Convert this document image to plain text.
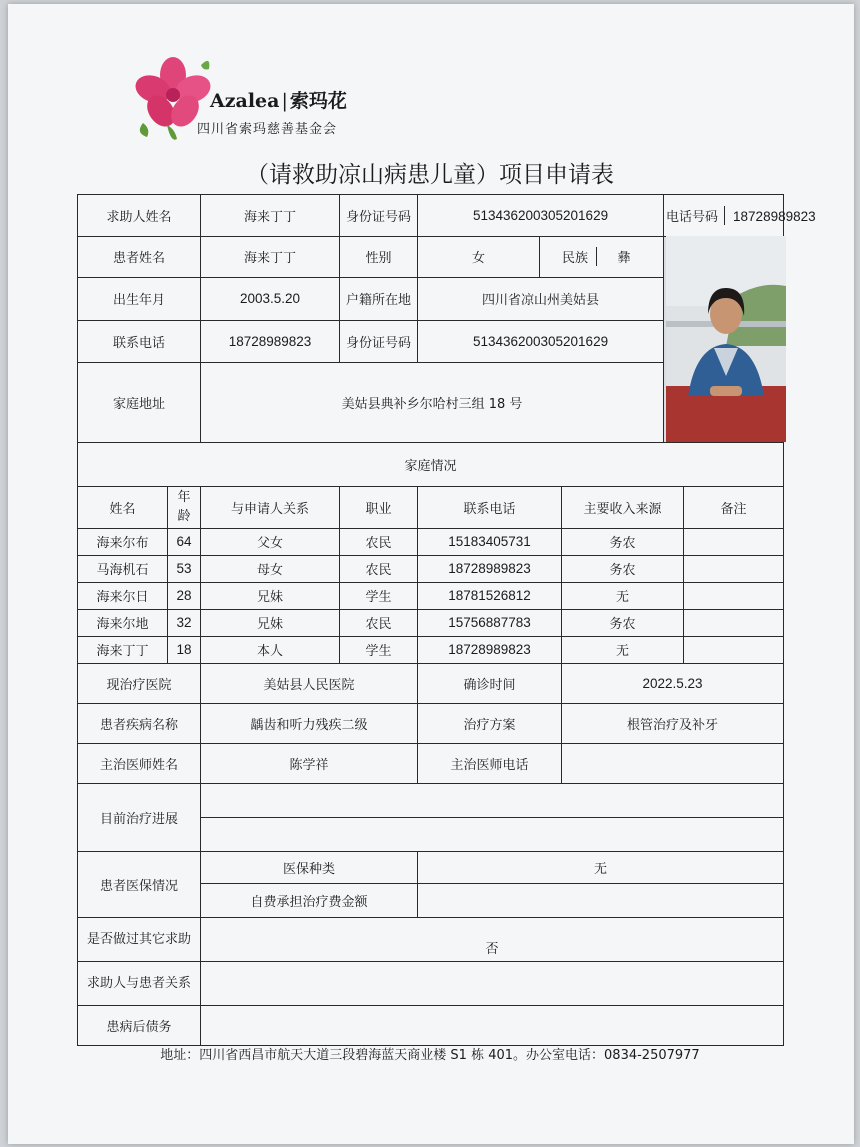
Azalea | 索玛花
四川省索玛慈善基金会
（请救助凉山病患儿童）项目申请表
求助人姓名		海来丁丁	身份证号码	513436200305201629			电话号码 18728989823	
患者姓名		海来丁丁	性别	女	民族 彝	

出生年月		2003.5.20	户籍所在地	四川省凉山州美姑县				
联系电话		18728989823	身份证号码	513436200305201629				
家庭地址		美姑县典补乡尔哈村三组 18 号						
家庭情况								
姓名	年龄	与申请人关系	职业	联系电话		主要收入来源		备注
海来尔布	64	父女	农民	15183405731		务农		
马海机石	53	母女	农民	18728989823		务农		
海来尔日	28	兄妹	学生	18781526812		无		
海来尔地	32	兄妹	农民	15756887783		务农		
海来丁丁	18	本人	学生	18728989823		无		
现治疗医院		美姑县人民医院		确诊时间		2022.5.23		
患者疾病名称		龋齿和听力残疾二级		治疗方案		根管治疗及补牙		
主治医师姓名		陈学祥		主治医师电话				
目前治疗进展								

患者医保情况		医保种类		无				
		自费承担治疗费金额						
是否做过其它求助		否						
求助人与患者关系								
患病后债务								
地址：四川省西昌市航天大道三段碧海蓝天商业楼 S1 栋 401。办公室电话：0834-2507977
